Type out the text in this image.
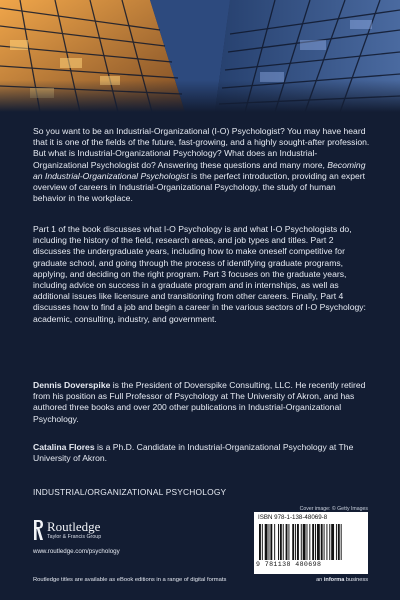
So you want to be an Industrial-Organizational (I-O) Psychologist? You may have heard that it is one of the fields of the future, fast-growing, and a highly sought-after profession. But what is Industrial-Organizational Psychology? What does an Industrial-Organizational Psychologist do? Answering these questions and many more, Becoming an Industrial-Organizational Psychologist is the perfect introduction, providing an expert overview of careers in Industrial-Organizational Psychology, the study of human behavior in the workplace.

Part 1 of the book discusses what I-O Psychology is and what I-O Psychologists do, including the history of the field, research areas, and job types and titles. Part 2 discusses the undergraduate years, including how to make oneself competitive for graduate school, and going through the process of identifying graduate programs, applying, and deciding on the right program. Part 3 focuses on the graduate years, including advice on success in a graduate program and in internships, as well as additional issues like licensure and transitioning from other careers. Finally, Part 4 discusses how to find a job and begin a career in the various sectors of I-O Psychology: academic, consulting, industry, and government.

Dennis Doverspike is the President of Doverspike Consulting, LLC. He recently retired from his position as Full Professor of Psychology at The University of Akron, and has authored three books and over 200 other publications in Industrial-Organizational Psychology.

Catalina Flores is a Ph.D. Candidate in Industrial-Organizational Psychology at The University of Akron.

INDUSTRIAL/ORGANIZATIONAL PSYCHOLOGY
Cover image: © Getty Images
Routledge
Taylor & Francis Group
www.routledge.com/psychology
Routledge titles are available as eBook editions in a range of digital formats
ISBN 978-1-138-48069-8
9 781138 480698
an informa business
